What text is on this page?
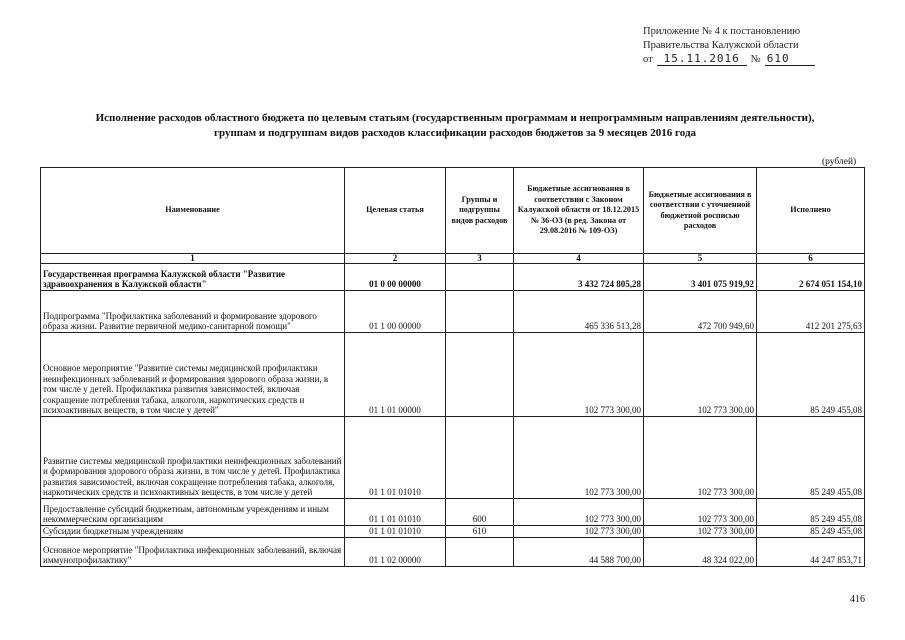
Приложение № 4 к постановлению
Правительства Калужской области
от 15.11.2016	№ 610
Исполнение расходов областного бюджета по целевым статьям (государственным программам и непрограммным направлениям деятельности),
группам и подгруппам видов расходов классификации расходов бюджетов за 9 месяцев 2016 года
(рублей)
Наименование	Целевая статья	Группы и подгруппы видов расходов	Бюджетные ассигнования в соответствии с Законом Калужской области от 18.12.2015 № 36-ОЗ (в ред. Закона от 29.08.2016 № 109-ОЗ)	Бюджетные ассигнования в соответствии с уточненной бюджетной росписью расходов	Исполнено
1	2	3	4	5	6
Государственная программа Калужской области "Развитие здравоохранения в Калужской области"	01 0 00 00000		3 432 724 805,28	3 401 075 919,92	2 674 051 154,10
Подпрограмма "Профилактика заболеваний и формирование здорового образа жизни. Развитие первичной медико-санитарной помощи"	01 1 00 00000		465 336 513,28	472 700 949,60	412 201 275,63
Основное мероприятие "Развитие системы медицинской профилактики неинфекционных заболеваний и формирования здорового образа жизни, в том числе у детей. Профилактика развития зависимостей, включая сокращение потребления табака, алкоголя, наркотических средств и психоактивных веществ, в том числе у детей"	01 1 01 00000		102 773 300,00	102 773 300,00	85 249 455,08
Развитие системы медицинской профилактики неинфекционных заболеваний и формирования здорового образа жизни, в том числе у детей. Профилактика развития зависимостей, включая сокращение потребления табака, алкоголя, наркотических средств и психоактивных веществ, в том числе у детей	01 1 01 01010		102 773 300,00	102 773 300,00	85 249 455,08
Предоставление субсидий бюджетным, автономным учреждениям и иным некоммерческим организациям	01 1 01 01010	600	102 773 300,00	102 773 300,00	85 249 455,08
Субсидии бюджетным учреждениям	01 1 01 01010	610	102 773 300,00	102 773 300,00	85 249 455,08
Основное мероприятие "Профилактика инфекционных заболеваний, включая иммунопрофилактику"	01 1 02 00000		44 588 700,00	48 324 022,00	44 247 853,71
416
